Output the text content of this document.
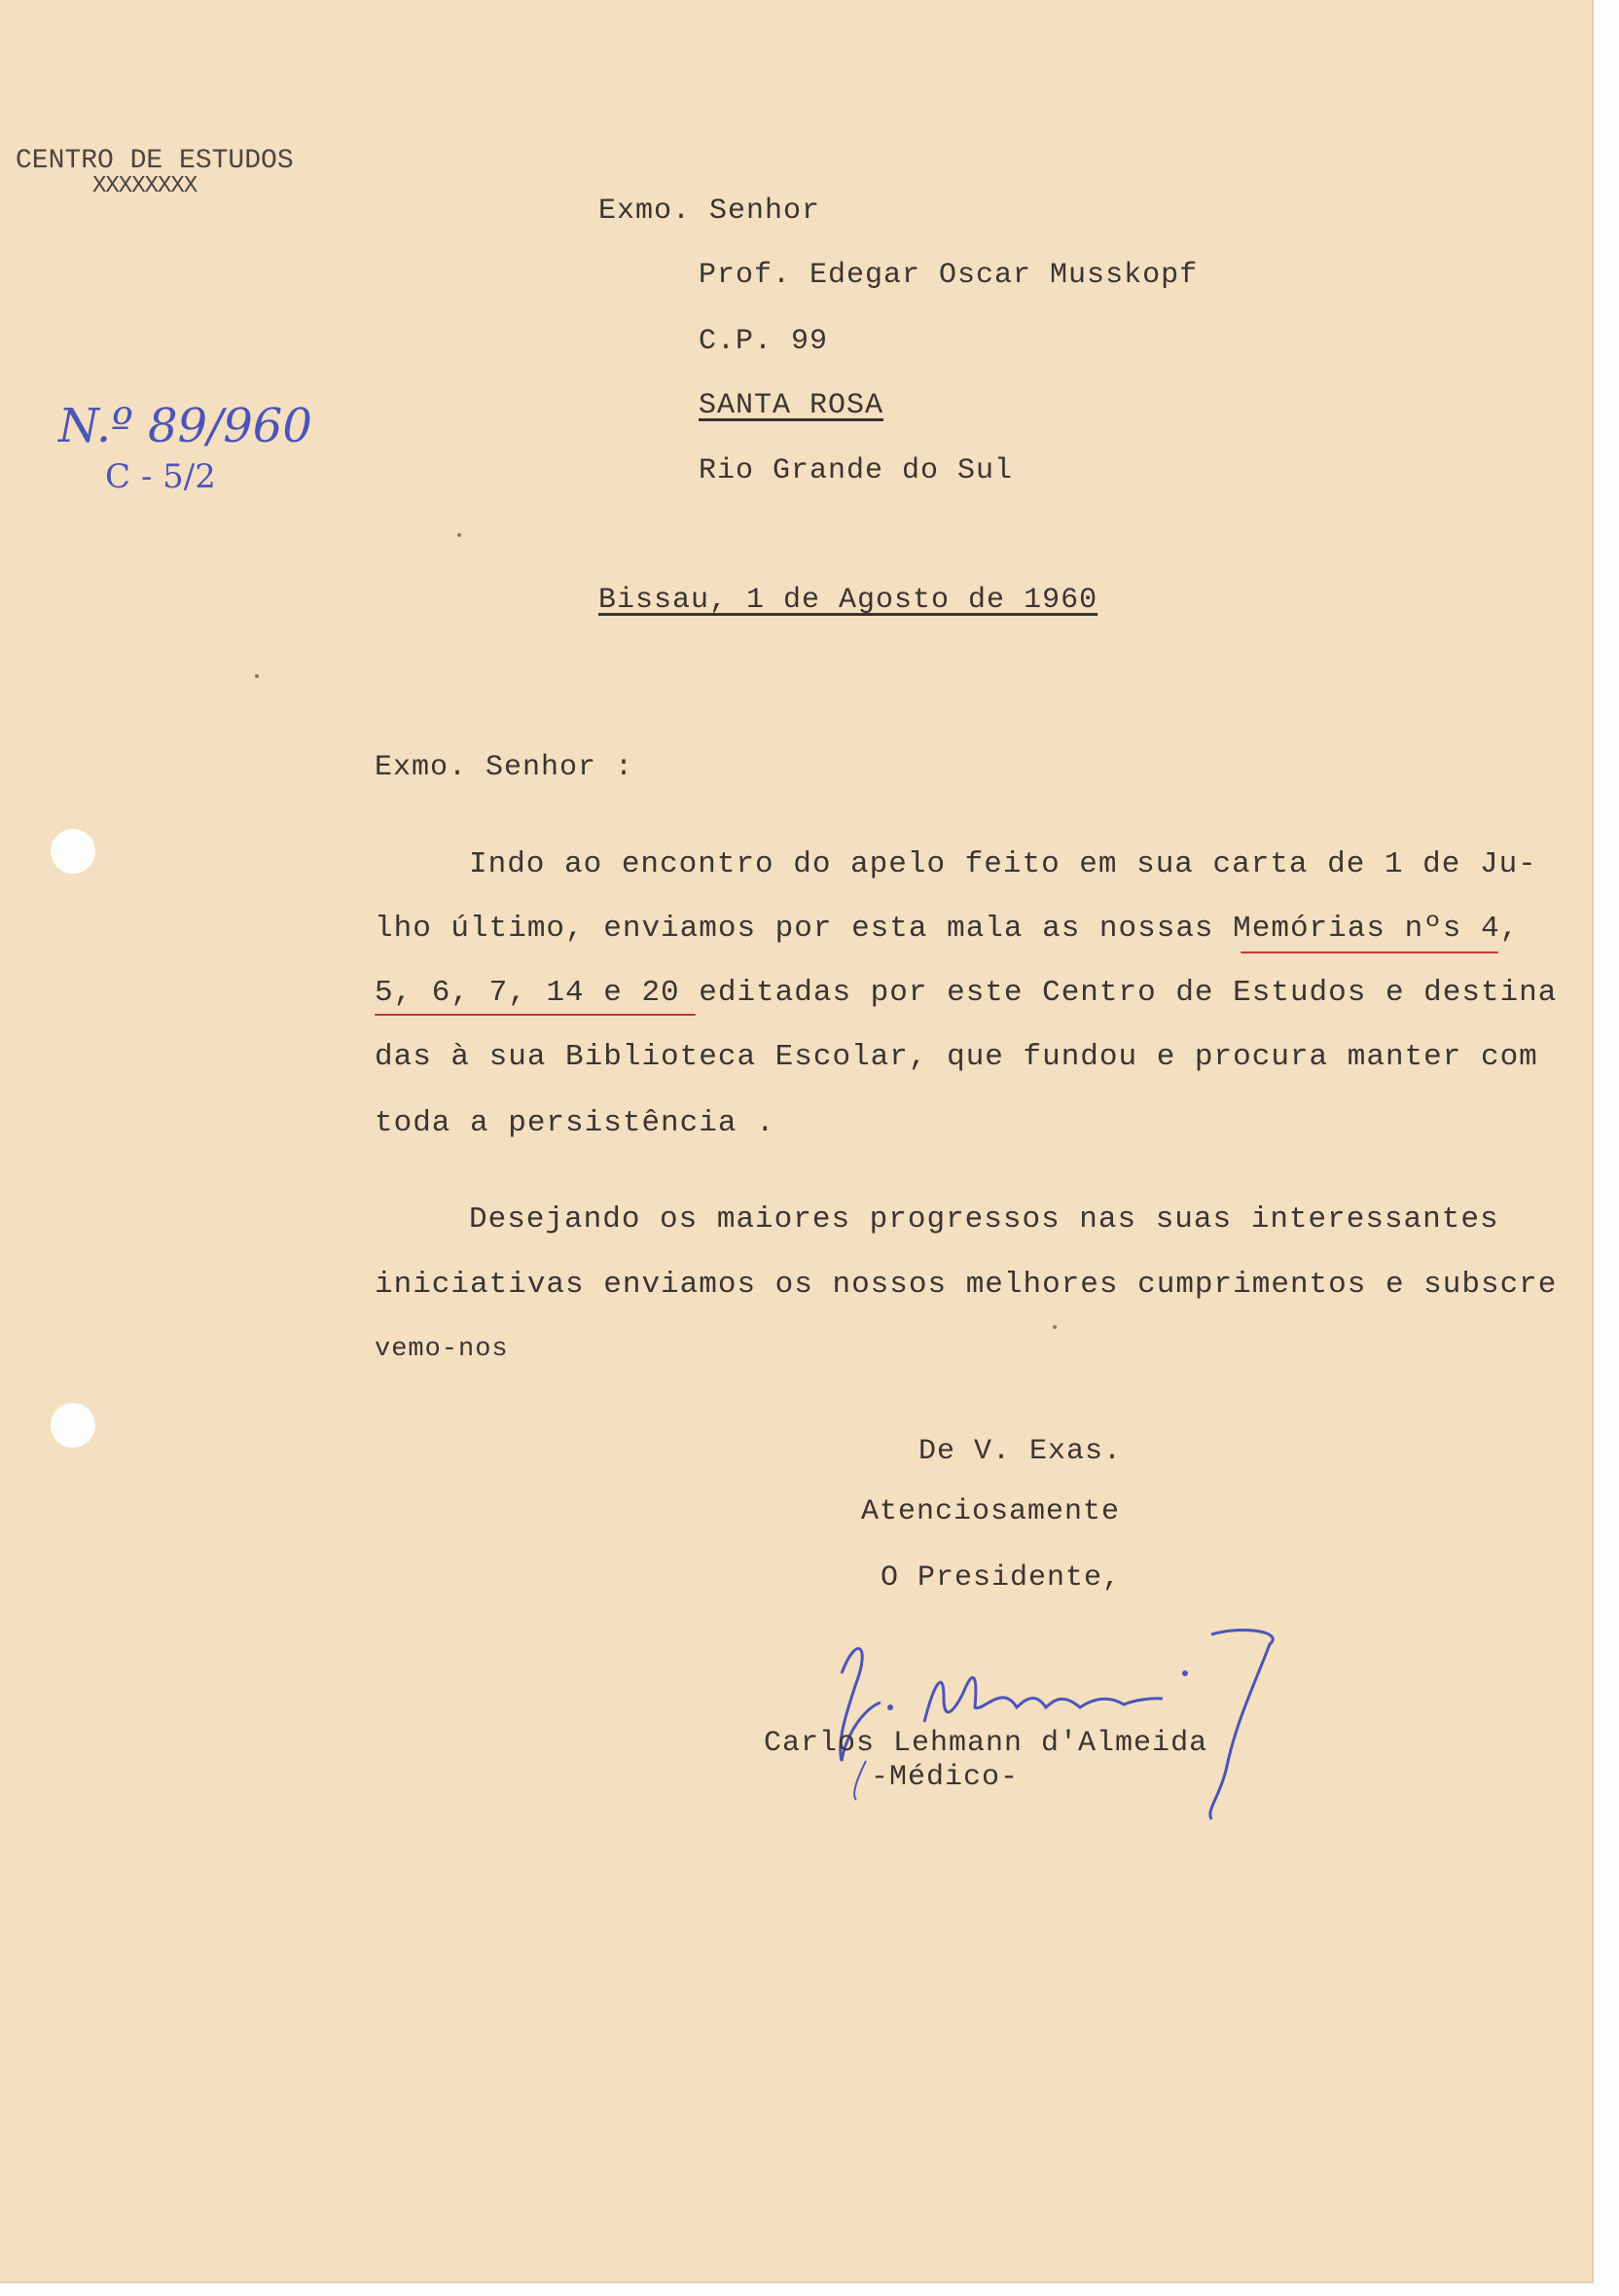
CENTRO DE ESTUDOS
XXXXXXXX
N.º 89/960
C - 5/2
Exmo. Senhor
Prof. Edegar Oscar Musskopf
C.P. 99
SANTA ROSA
Rio Grande do Sul
Bissau, 1 de Agosto de 1960
Exmo. Senhor :
Indo ao encontro do apelo feito em sua carta de 1 de Ju-
lho último, enviamos por esta mala as nossas Memórias nºs 4,
5, 6, 7, 14 e 20 editadas por este Centro de Estudos e destina
das à sua Biblioteca Escolar, que fundou e procura manter com
toda a persistência .
Desejando os maiores progressos nas suas interessantes
iniciativas enviamos os nossos melhores cumprimentos e subscre
vemo-nos
De V. Exas.
Atenciosamente
O Presidente,
Carlos Lehmann d'Almeida
-Médico-
